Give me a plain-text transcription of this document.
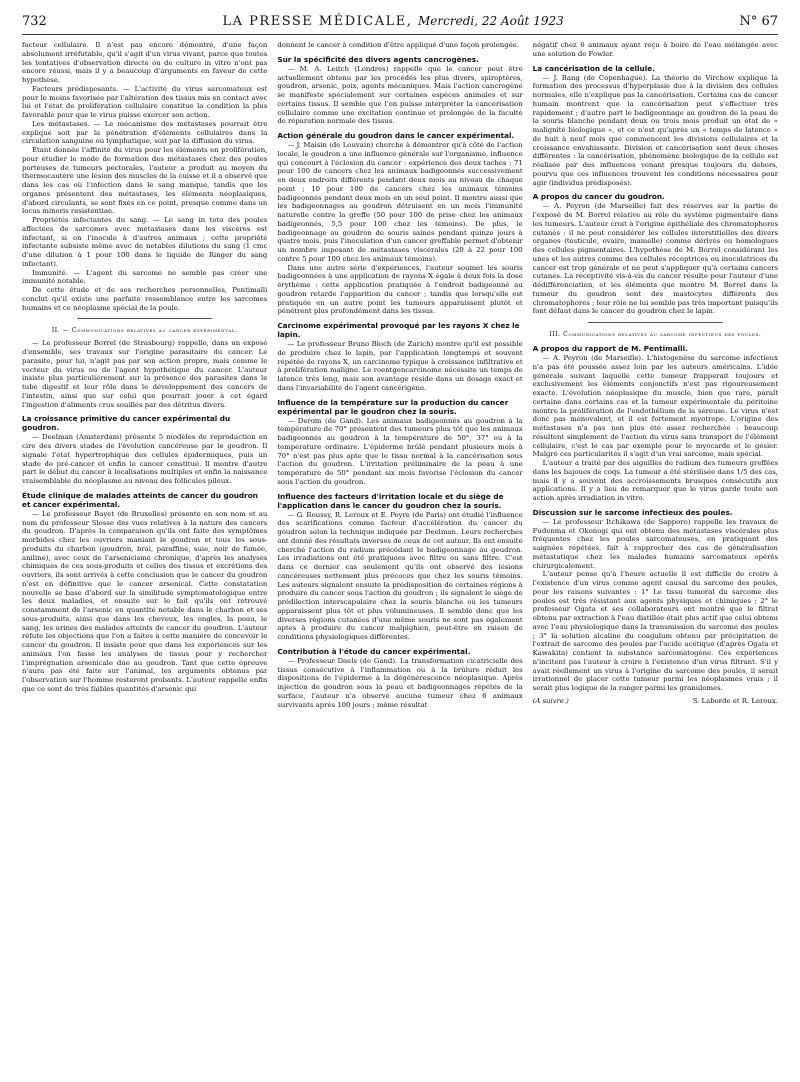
732	LA PRESSE MÉDICALE, Mercredi, 22 Août 1923	N° 67

facteur cellulaire. Il n'est pas encore démontré, d'une façon absolument irréfutable, qu'il s'agit d'un virus vivant, parce que toutes les tentatives d'observation directe ou de culture in vitro n'ont pas encore réussi, mais il y a beaucoup d'arguments en faveur de cette hypothèse.

Facteurs prédisposants. — L'activité du virus sarcomateux est pour le moins favorisée par l'altération des tissus mis en contact avec lui et l'état de prolifération cellulaire constitue la condition la plus favorable pour que le virus puisse exercer son action.

Les métastases. — Le mécanisme des métastases pourrait être expliqué soit par la pénétration d'éléments cellulaires dans la circulation sanguine ou lymphatique, soit par la diffusion du virus.

Étant donnée l'affinité du virus pour les éléments en prolifération, pour étudier le mode de formation des métastases chez des poules porteuses de tumeurs pectorales, l'auteur a produit au moyen du thermocautère une lésion des muscles de la cuisse et il a observé que dans les cas où l'infection dans le sang manque, tandis que les organes présentent des métastases, les éléments néoplasiques, d'abord circulants, se sont fixés en ce point, presque comme dans un locus minoris resistentiae.

Propriétés infectantes du sang. — Le sang in toto des poules affectées de sarcomes avec métastases dans les viscères est infectant, si on l'inocule à d'autres animaux ; cette propriété infectante subsiste même avec de notables dilutions du sang (1 cmc d'une dilution à 1 pour 100 dans le liquide de Ringer du sang infectant).

Immunité. — L'agent du sarcome ne semble pas créer une immunité notable.

De cette étude et de ses recherches personnelles, Pentimalli conclut qu'il existe une parfaite ressemblance entre les sarcomes humains et ce néoplasme spécial de la poule.

II. — Communications relatives au cancer expérimental.

— Le professeur Borrel (de Strasbourg) rappelle, dans un exposé d'ensemble, ses travaux sur l'origine parasitaire du cancer. Le parasite, pour lui, n'agit pas par son action propre, mais comme le vecteur du virus ou de l'agent hypothétique du cancer. L'auteur insiste plus particulièrement sur la présence des parasites dans le tube digestif et leur rôle dans le développement des cancers de l'intestin, ainsi que sur celui que pourrait jouer à cet égard l'ingestion d'aliments crus souillés par des détritus divers.

La croissance primitive du cancer expérimental du goudron.

— Deelman (Amsterdam) présente 5 modèles de reproduction en cire des divers stades de l'évolution cancéreuse par le goudron. Il signale l'état hypertrophique des cellules épidermiques, puis un stade de pré-cancer et enfin le cancer constitué. Il montre d'autre part le début du cancer à localisations multiples et enfin la naissance vraisemblable du néoplasme au niveau des follicules pileux.

Étude clinique de malades atteints de cancer du goudron et cancer expérimental.

— Le professeur Bayet (de Bruxelles) présente en son nom et au nom du professeur Slosse des vues relatives à la nature des cancers du goudron. D'après la comparaison qu'ils ont faite des symptômes morbides chez les ouvriers maniant le goudron et tous les sous-produits du charbon (goudron, brai, paraffine, suie, noir de fumée, aniline), avec ceux de l'arsenicisme chronique, d'après les analyses chimiques de ces sous-produits et celles des tissus et excrétions des ouvriers, ils sont arrivés à cette conclusion que le cancer du goudron n'est en définitive que le cancer arsenical. Cette constatation nouvelle se base d'abord sur la similitude symptomatologique entre les deux maladies, et ensuite sur le fait qu'ils ont retrouvé constamment de l'arsenic en quantité notable dans le charbon et ses sous-produits, ainsi que dans les cheveux, les ongles, la peau, le sang, les urines des malades atteints de cancer du goudron. L'auteur réfute les objections que l'on a faites à cette manière de concevoir le cancer du goudron. Il insiste pour que dans les expériences sur les animaux l'on fasse les analyses de tissus pour y rechercher l'imprégnation arsenicale due au goudron. Tant que cette épreuve n'aura pas été faite sur l'animal, les arguments obtenus par l'observation sur l'homme resteront probants. L'auteur rappelle enfin que ce sont de très faibles quantités d'arsenic qui

donnent le cancer à condition d'être appliqué d'une façon prolongée.

Sur la spécificité des divers agents cancrogènes.

— M. A. Leitch (Londres) rappelle que le cancer peut être actuellement obtenu par les procédés les plus divers, spiroptères, goudron, arsenic, poix, agents mécaniques. Mais l'action cancrogène se manifeste spécialement sur certaines espèces animales et sur certains tissus. Il semble que l'on puisse interpréter la cancérisation cellulaire comme une excitation continue et prolongée de la faculté de réparation normale des tissus.

Action générale du goudron dans le cancer expérimental.

— J. Maisin (de Louvain) cherche à démontrer qu'à côté de l'action locale, le goudron a une influence générale sur l'organisme, influence qui concourt à l'éclosion du cancer : expérience des deux taches : 71 pour 100 de cancers chez les animaux badigeonnés successivement en deux endroits différents pendant deux mois au niveau de chaque point ; 10 pour 100 de cancers chez les animaux témoins badigeonnés pendant deux mois en un seul point. Il montre aussi que les badigeonnages au goudron détruisent en un mois l'immunité naturelle contre la greffe (50 pour 100 de prise chez les animaux badigeonnés, 5,5 pour 100 chez les témoins). De plus, le badigeonnage au goudron de souris saines pendant quinze jours à quatre mois, puis l'inoculation d'un cancer greffable permet d'obtenir un nombre imposant de métastases viscérales (20 à 22 pour 100 contre 5 pour 100 chez les animaux témoins).

Dans une autre série d'expériences, l'auteur soumet les souris badigeonnées à une application de rayons X égale à deux fois la dose érythème : cette application pratiquée à l'endroit badigeonné au goudron retarde l'apparition du cancer ; tandis que lorsqu'elle est pratiquée en un autre point les tumeurs apparaissent plutôt et pénètrent plus profondément dans les tissus.

Carcinome expérimental provoqué par les rayons X chez le lapin.

— Le professeur Bruno Bloch (de Zurich) montre qu'il est possible de produire chez le lapin, par l'application longtemps et souvent répétée de rayons X, un carcinome typique à croissance infiltrative et à prolifération maligne. Le roentgencarcinome nécessite un temps de latence très long, mais son avantage réside dans un dosage exact et dans l'invariabilité de l'agent cancérigène.

Influence de la température sur la production du cancer expérimental par le goudron chez la souris.

— Derom (de Gand). Les animaux badigeonnés au goudron à la température de 70° présentent des tumeurs plus tôt que les animaux badigeonnés au goudron à la température de 50°, 37° ou à la température ordinaire. L'épiderme brûlé pendant plusieurs mois à 70° n'est pas plus apte que le tissu normal à la cancérisation sous l'action du goudron. L'irritation préliminaire de la peau à une température de 50° pendant six mois favorise l'éclosion du cancer sous l'action du goudron.

Influence des facteurs d'irritation locale et du siège de l'application dans le cancer du goudron chez la souris.

— G. Roussy, R. Leroux et E. Peyre (de Paris) ont étudié l'influence des scarifications comme facteur d'accélération du cancer du goudron selon la technique indiquée par Deelman. Leurs recherches ont donné des résultats inverses de ceux de cet auteur. Ils ont ensuite cherché l'action du radium précédant le badigeonnage au goudron. Les irradiations ont été pratiquées avec filtre ou sans filtre. C'est dans ce dernier cas seulement qu'ils ont observé des lésions cancéreuses nettement plus précoces que chez les souris témoins. Les auteurs signalent ensuite la prédisposition de certaines régions à produire du cancer sous l'action du goudron ; ils signalent le siège de prédilection interscapulaire chez la souris blanche où les tumeurs apparaissent plus tôt et plus volumineuses. Il semble donc que les diverses régions cutanées d'une même souris ne sont pas également aptes à produire du cancer malpighien, peut-être en raison de conditions physiologiques différentes.

Contribution à l'étude du cancer expérimental.

— Professeur Daels (de Gand). La transformation cicatricielle des tissus consécutive à l'inflammation ou à la brûlure réduit les dispositions de l'épiderme à la dégénérescence néoplasique. Après injection de goudron sous la peau et badigeonnages répétés de la surface, l'auteur n'a observé aucune tumeur chez 6 animaux survivants après 100 jours ; même résultat

négatif chez 6 animaux ayant reçu à boire de l'eau mélangée avec une solution de Fowler.

La cancérisation de la cellule.

— J. Bang (de Copenhague). La théorie de Virchow explique la formation des processus d'hyperplasie due à la division des cellules normales, elle n'explique pas la cancérisation. Certains cas de cancer humain montrent que la cancérisation peut s'effectuer très rapidement ; d'autre part le badigeonnage au goudron de la peau de la souris blanche pendant deux ou trois mois produit un état de « malignité biologique », et ce n'est qu'après un « temps de latence » de huit à neuf mois que commencent les divisions cellulaires et la croissance envahissante. Division et cancérisation sont deux choses différentes : la cancérisation, phénomène biologique de la cellule est réalisée par des influences venant presque toujours du dehors, pourvu que ces influences trouvent les conditions nécessaires pour agir (individus prédisposés).

A propos du cancer du goudron.

— A. Peyron (de Marseille) fait des réserves sur la partie de l'exposé de M. Borrel relative au rôle du système pigmentaire dans les tumeurs. L'auteur croit à l'origine épithéliale des chromatophores cutanés : il ne peut considérer les cellules interstitielles des divers organes (testicule, ovaire, mamelle) comme dérivés ou homologues des cellules pigmentaires. L'hypothèse de M. Borrel considérant les unes et les autres comme des cellules réceptrices ou inoculatrices du cancer est trop générale et ne peut s'appliquer qu'à certains cancers cutanés. La réceptivité vis-à-vis du cancer résulte pour l'auteur d'une dédifférenciation, et les éléments que montre M. Borrel dans la tumeur du goudron sont des mastocytes différents des chromatophores ; leur rôle ne lui semble pas très important puisqu'ils font défaut dans le cancer du goudron chez le lapin.

III. Communications relatives au sarcome infectieux des poules.
A propos du rapport de M. Pentimalli.

— A. Peyron (de Marseille). L'histogenèse du sarcome infectieux n'a pas été poussée assez loin par les auteurs américains. L'idée générale suivant laquelle cette tumeur frapperait toujours et exclusivement les éléments conjonctifs n'est pas rigoureusement exacte. L'évolution néoplasique du muscle, bien que rare, paraît certaine dans certains cas et la tumeur expérimentale du péritoine montre la prolifération de l'endothélium de la séreuse. Le virus n'est donc pas monovalent, et il est fortement myotrope. L'origine des métastases n'a pas non plus été assez recherchée : beaucoup résultent simplement de l'action du virus sans transport de l'élément cellulaire, c'est le cas par exemple pour le myocarde et le gésier. Malgré ces particularités il s'agit d'un vrai sarcome, mais spécial.

L'auteur a traité par des aiguilles de radium des tumeurs greffées dans les bajoues de coqs. La tumeur a été stérilisée dans 1/5 des cas, mais il y a souvent des accroissements brusques consécutifs aux applications. Il y a lieu de remarquer que le virus garde toute son action après irradiation in vitro.

Discussion sur le sarcome infectieux des poules.

— Le professeur Itchikawa (de Sapporo) rappelle les travaux de Fudenma et Okonogi qui ont obtenu des métastases viscérales plus fréquentes chez les poules sarcomateuses, en pratiquant des saignées répétées, fait à rapprocher des cas de généralisation métastatique chez les malades humains sarcomateux opérés chirurgicalement.

L'auteur pense qu'à l'heure actuelle il est difficile de croire à l'existence d'un virus comme agent causal du sarcome des poules, pour les raisons suivantes : 1° Le tissu tumoral du sarcome des poules est très résistant aux agents physiques et chimiques ; 2° le professeur Ogata et ses collaborateurs ont montré que le filtrat obtenu par extraction à l'eau distillée était plus actif que celui obtenu avec l'eau physiologique dans la transmission du sarcome des poules ; 3° la solution alcaline du coagulum obtenu par précipitation de l'extrait de sarcome des poules par l'acide acétique (d'après Ogata et Kawakita) contient la substance sarcomatogène. Ces expériences n'incitent pas l'auteur à croire à l'existence d'un virus filtrant. S'il y avait réellement un virus à l'origine du sarcome des poules, il serait irrationnel de placer cette tumeur parmi les néoplasmes vrais ; il serait plus logique de la ranger parmi les granulomes.

(A suivre.)	S. Laborde et R. Leroux.
